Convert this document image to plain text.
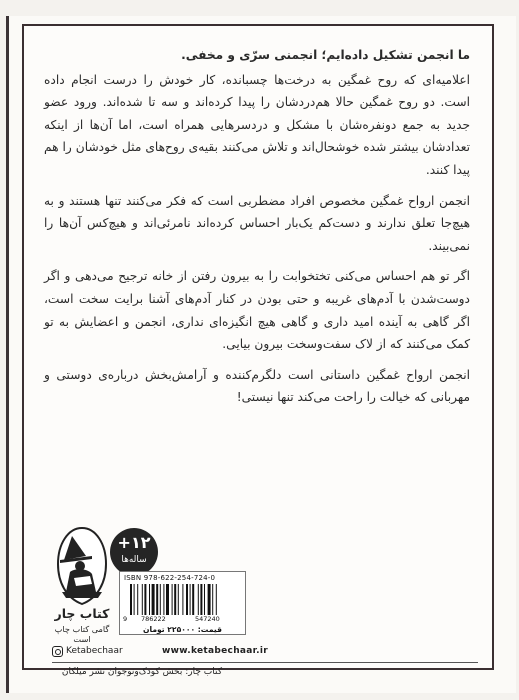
ما انجمن تشکیل داده‌ایم؛ انجمنی سرّی و مخفی.
اعلامیه‌ای که روح غمگین به درخت‌ها چسبانده، کار خودش را درست انجام داده است. دو روح غمگین حالا هم‌دردشان را پیدا کرده‌اند و سه تا شده‌اند. ورود عضو جدید به جمع دونفره‌شان با مشکل و دردسرهایی همراه است، اما آن‌ها از اینکه تعدادشان بیشتر شده خوشحال‌اند و تلاش می‌کنند بقیه‌ی روح‌های مثل خودشان را هم پیدا کنند.

انجمن ارواح غمگین مخصوص افراد مضطربی است که فکر می‌کنند تنها هستند و به هیچ‌جا تعلق ندارند و دست‌کم یک‌بار احساس کرده‌اند نامرئی‌اند و هیچ‌کس آن‌ها را نمی‌بیند.

اگر تو هم احساس می‌کنی تختخوابت را به بیرون رفتن از خانه ترجیح می‌دهی و اگر دوست‌شدن با آدم‌های غریبه و حتی بودن در کنار آدم‌های آشنا برایت سخت است، اگر گاهی به آینده امید داری و گاهی هیچ انگیزه‌ای نداری، انجمن و اعضایش به تو کمک می‌کنند که از لاک سفت‌وسخت بیرون بیایی.

انجمن ارواح غمگین داستانی است دلگرم‌کننده و آرامش‌بخش درباره‌ی دوستی و مهربانی که خیالت را راحت می‌کند تنها نیستی!

کتاب چار
گامی کتاب چاپ است
+۱۲
ساله‌ها
ISBN 978-622-254-724-0
9 786222	547240
قیمت: ۲۲۵۰۰۰ تومان
Ketabechaar	www.ketabechaar.ir
کتاب چار: بخش کودک‌ونوجوان نشر میلکان
